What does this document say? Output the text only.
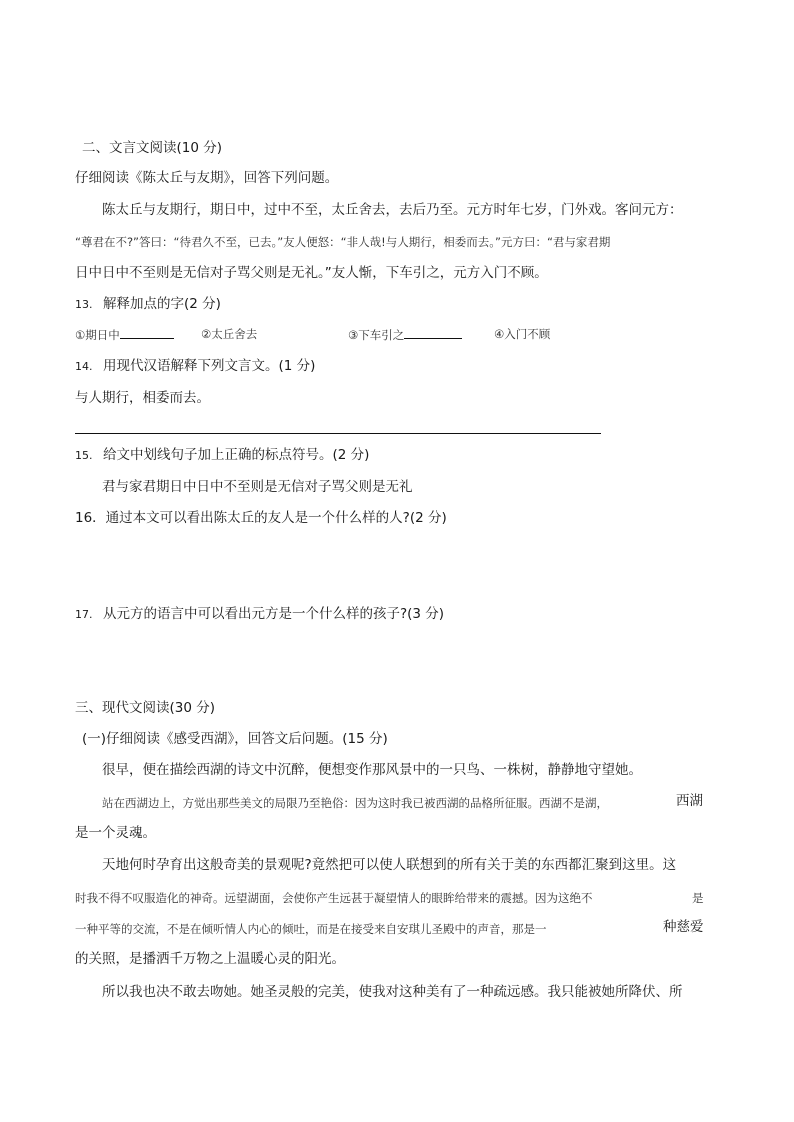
二、文言文阅读(10 分)
仔细阅读《陈太丘与友期》，回答下列问题。
陈太丘与友期行，期日中，过中不至，太丘舍去，去后乃至。元方时年七岁，门外戏。客问元方：
“尊君在不?”答曰：“待君久不至，已去。”友人便怒：“非人哉!与人期行，相委而去。”元方曰：“君与家君期
日中日中不至则是无信对子骂父则是无礼。”友人惭，下车引之，元方入门不顾。
13. 解释加点的字(2 分)
①期日中	②太丘舍去	③下车引之	④入门不顾
14. 用现代汉语解释下列文言文。(1 分)
与人期行，相委而去。
15. 给文中划线句子加上正确的标点符号。(2 分)
君与家君期日中日中不至则是无信对子骂父则是无礼
16．通过本文可以看出陈太丘的友人是一个什么样的人?(2 分)
17. 从元方的语言中可以看出元方是一个什么样的孩子?(3 分)
三、现代文阅读(30 分)
(一)仔细阅读《感受西湖》，回答文后问题。(15 分)
很早，便在描绘西湖的诗文中沉醉，便想变作那风景中的一只鸟、一株树，静静地守望她。
站在西湖边上，方觉出那些美文的局限乃至艳俗：因为这时我已被西湖的品格所征服。西湖不是湖，	西湖
是一个灵魂。
天地何时孕育出这般奇美的景观呢?竟然把可以使人联想到的所有关于美的东西都汇聚到这里。这
时我不得不叹服造化的神奇。远望湖面，会使你产生远甚于凝望情人的眼眸给带来的震撼。因为这绝不	是
一种平等的交流，不是在倾听情人内心的倾吐，而是在接受来自安琪儿圣殿中的声音，那是一	种慈爱
的关照，是播洒千万物之上温暖心灵的阳光。
所以我也决不敢去吻她。她圣灵般的完美，使我对这种美有了一种疏远感。我只能被她所降伏、所
